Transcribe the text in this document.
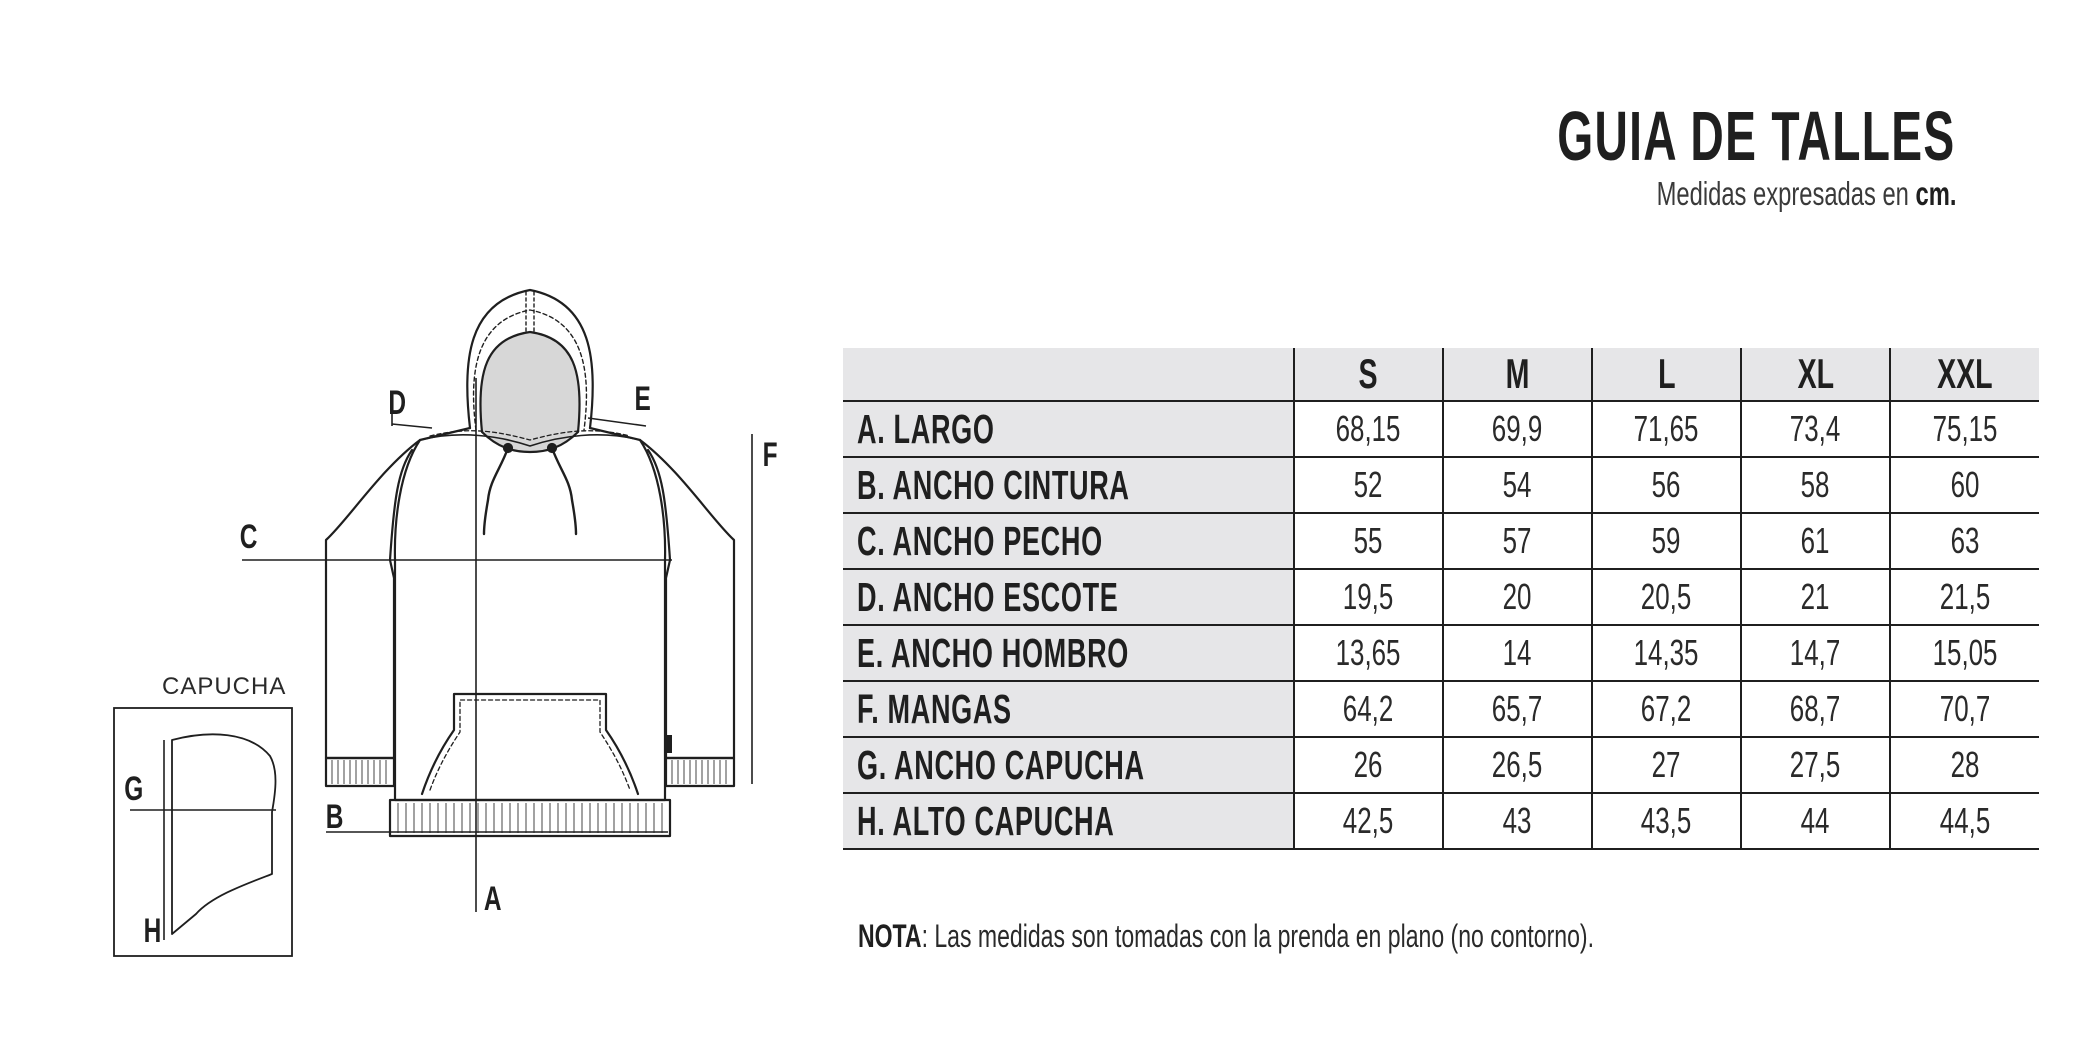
GUIA DE TALLES
Medidas expresadas en cm.
A
B
C
D	E
F
CAPUCHA
G
H
	S	M	L	XL	XXL
A. LARGO	68,15	69,9	71,65	73,4	75,15
B. ANCHO CINTURA	52	54	56	58	60
C. ANCHO PECHO	55	57	59	61	63
D. ANCHO ESCOTE	19,5	20	20,5	21	21,5
E. ANCHO HOMBRO	13,65	14	14,35	14,7	15,05
F. MANGAS	64,2	65,7	67,2	68,7	70,7
G. ANCHO CAPUCHA	26	26,5	27	27,5	28
H. ALTO CAPUCHA	42,5	43	43,5	44	44,5
NOTA: Las medidas son tomadas con la prenda en plano (no contorno).
